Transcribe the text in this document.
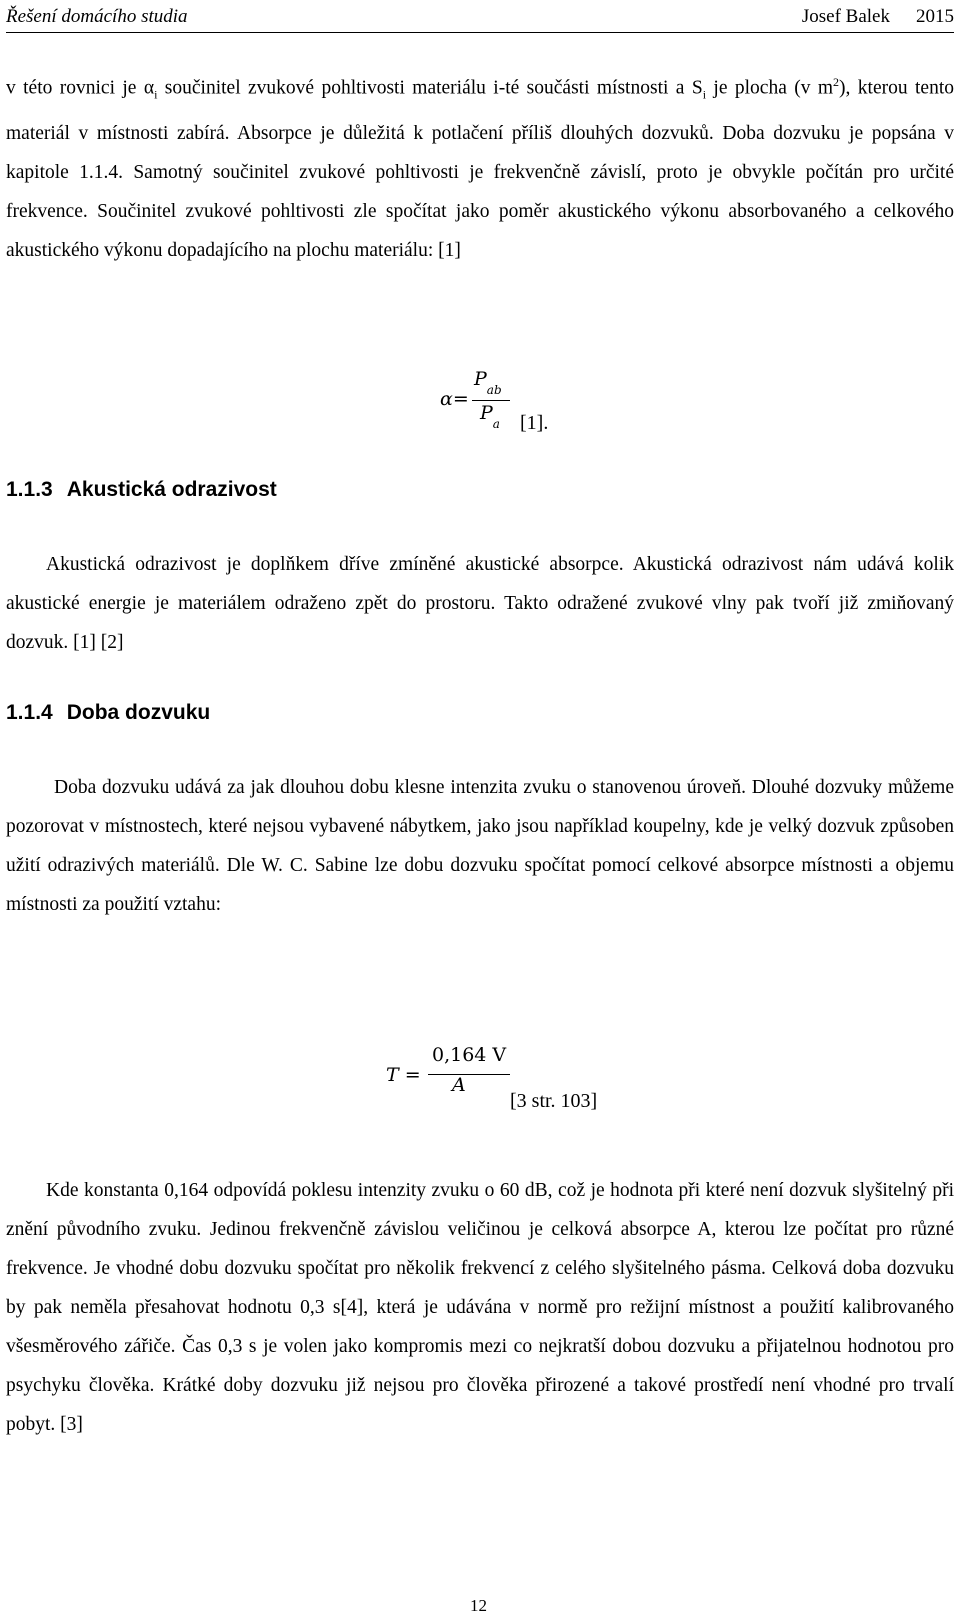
Řešení domácího studia	Josef Balek 2015

v této rovnici je $\alpha_i$ součinitel zvukové pohltivosti materiálu i-té součásti místnosti a $S_i$ je plocha (v $m^2$), kterou tento materiál v místnosti zabírá. Absorpce je důležitá k potlačení příliš dlouhých dozvuků. Doba dozvuku je popsána v kapitole 1.1.4. Samotný součinitel zvukové pohltivosti je frekvenčně závislí, proto je obvykle počítán pro určité frekvence. Součinitel zvukové pohltivosti zle spočítat jako poměr akustického výkonu absorbovaného a celkového akustického výkonu dopadajícího na plochu materiálu: [1]

α=
$P_{ab}$
$P_a$ [1].
1.1.3 Akustická odrazivost

Akustická odrazivost je doplňkem dříve zmíněné akustické absorpce. Akustická odrazivost nám udává kolik akustické energie je materiálem odraženo zpět do prostoru. Takto odražené zvukové vlny pak tvoří již zmiňovaný dozvuk. [1] [2]

1.1.4 Doba dozvuku

Doba dozvuku udává za jak dlouhou dobu klesne intenzita zvuku o stanovenou úroveň. Dlouhé dozvuky můžeme pozorovat v místnostech, které nejsou vybavené nábytkem, jako jsou například koupelny, kde je velký dozvuk způsoben užití odrazivých materiálů. Dle W. C. Sabine lze dobu dozvuku spočítat pomocí celkové absorpce místnosti a objemu místnosti za použití vztahu:

T =
0,164 V
A
[3 str. 103]

Kde konstanta 0,164 odpovídá poklesu intenzity zvuku o 60 dB, což je hodnota při které není dozvuk slyšitelný při znění původního zvuku. Jedinou frekvenčně závislou veličinou je celková absorpce A, kterou lze počítat pro různé frekvence. Je vhodné dobu dozvuku spočítat pro několik frekvencí z celého slyšitelného pásma. Celková doba dozvuku by pak neměla přesahovat hodnotu 0,3 s[4], která je udávána v normě pro režijní místnost a použití kalibrovaného všesměrového zářiče. Čas 0,3 s je volen jako kompromis mezi co nejkratší dobou dozvuku a přijatelnou hodnotou pro psychyku člověka. Krátké doby dozvuku již nejsou pro člověka přirozené a takové prostředí není vhodné pro trvalí pobyt. [3]

12
